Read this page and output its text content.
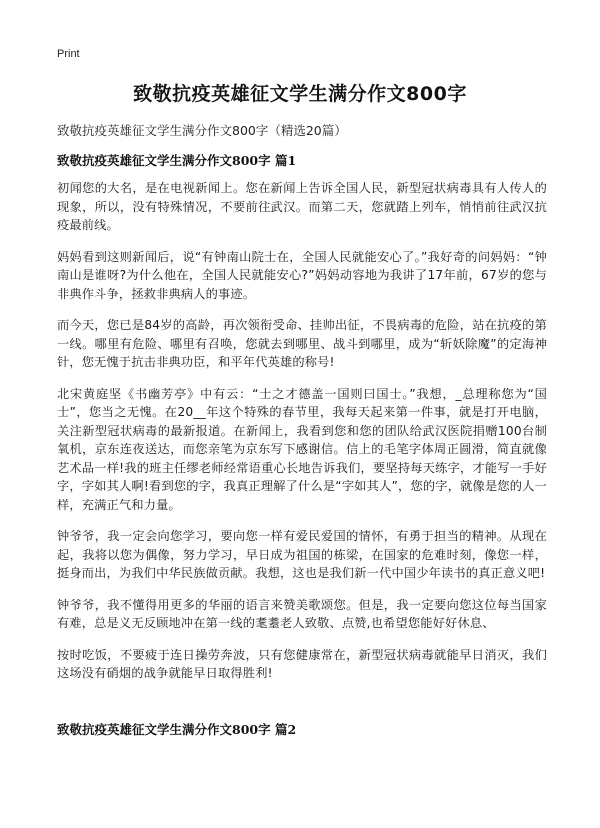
Print
致敬抗疫英雄征文学生满分作文800字
致敬抗疫英雄征文学生满分作文800字（精选20篇）
致敬抗疫英雄征文学生满分作文800字 篇1

初闻您的大名，是在电视新闻上。您在新闻上告诉全国人民，新型冠状病毒具有人传人的现象，所以，没有特殊情况，不要前往武汉。而第二天，您就踏上列车，悄悄前往武汉抗疫最前线。

妈妈看到这则新闻后，说“有钟南山院士在，全国人民就能安心了。”我好奇的问妈妈：“钟南山是谁呀?为什么他在，全国人民就能安心?”妈妈动容地为我讲了17年前，67岁的您与非典作斗争，拯救非典病人的事迹。

而今天，您已是84岁的高龄，再次领衔受命、挂帅出征，不畏病毒的危险，站在抗疫的第一线。哪里有危险、哪里有召唤，您就去到哪里、战斗到哪里，成为“斩妖除魔”的定海神针，您无愧于抗击非典功臣，和平年代英雄的称号!

北宋黄庭坚《书幽芳亭》中有云：“士之才德盖一国则曰国士。”我想，_总理称您为“国士”，您当之无愧。在20__年这个特殊的春节里，我每天起来第一件事，就是打开电脑，关注新型冠状病毒的最新报道。在新闻上，我看到您和您的团队给武汉医院捐赠100台制氧机，京东连夜送达，而您亲笔为京东写下感谢信。信上的毛笔字体周正圆滑，简直就像艺术品一样!我的班主任缪老师经常语重心长地告诉我们，要坚持每天练字，才能写一手好字，字如其人啊!看到您的字，我真正理解了什么是“字如其人”，您的字，就像是您的人一样，充满正气和力量。

钟爷爷，我一定会向您学习，要向您一样有爱民爱国的情怀，有勇于担当的精神。从现在起，我将以您为偶像，努力学习，早日成为祖国的栋梁，在国家的危难时刻，像您一样，挺身而出，为我们中华民族做贡献。我想，这也是我们新一代中国少年读书的真正意义吧!

钟爷爷，我不懂得用更多的华丽的语言来赞美歌颂您。但是，我一定要向您这位每当国家有难，总是义无反顾地冲在第一线的耄耋老人致敬、点赞,也希望您能好好休息、

按时吃饭，不要疲于连日操劳奔波，只有您健康常在，新型冠状病毒就能早日消灭，我们这场没有硝烟的战争就能早日取得胜利!

致敬抗疫英雄征文学生满分作文800字 篇2
